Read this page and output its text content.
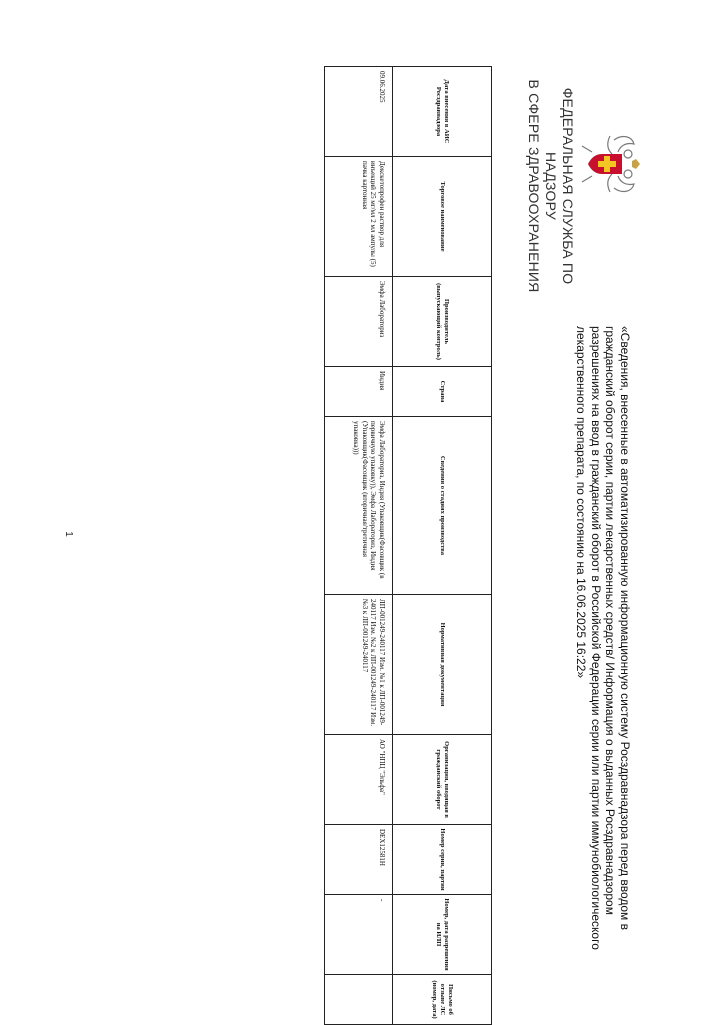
ФЕДЕРАЛЬНАЯ СЛУЖБА ПО НАДЗОРУ
В СФЕРЕ ЗДРАВООХРАНЕНИЯ
«Сведения, внесенные в автоматизированную информационную систему Росздравнадзора перед вводом в гражданский оборот серии, партии лекарственных средств/ Информация о выданных Росздравнадзором разрешениях на ввод в гражданский оборот в Российской Федерации серии или партии иммунобиологического лекарственного препарата, по состоянию на 16.06.2025 16:22»
Дата внесения в АИС Росздравнадзора	Торговое наименование	Производитель (выпускающий контроль)	Страна	Сведения о стадиях производства	Нормативная документация	Организация, вводящая в гражданский оборот	Номер серии, партии	Номер, дата разрешения на ИЛП	Письмо об отзыве ЛС (номер, дата)
09.06.2025	Декскетопрофен раствор для инъекций 25 мг/мл 2 мл ампулы (5) пачка картонная	Эмфа Лабораториз	Индия	Эмфа Лабораториз, Индия (Упаковщик(Фасовщик (в первичную упаковку)), Эмфа Лабораториз, Индия (Упаковщик(Фасовщик (вторичная/третичная упаковка)))	ЛП-001249-240117 Изм. №1 к ЛП-001249-240117 Изм. №2 к ЛП-001249-240117 Изм. №3 к ЛП-001249-240117	АО "НПЦ "Эльфа"	DEX12581Н	-	
1
